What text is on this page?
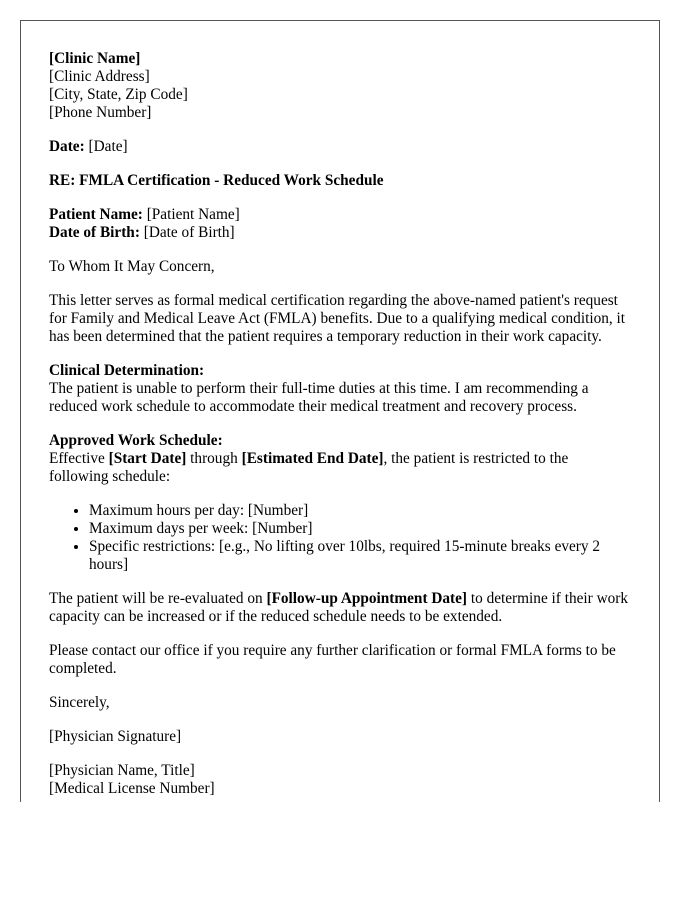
[Clinic Name]
[Clinic Address]
[City, State, Zip Code]
[Phone Number]

Date: [Date]

RE: FMLA Certification - Reduced Work Schedule

Patient Name: [Patient Name]
Date of Birth: [Date of Birth]

To Whom It May Concern,

This letter serves as formal medical certification regarding the above-named patient's request for Family and Medical Leave Act (FMLA) benefits. Due to a qualifying medical condition, it has been determined that the patient requires a temporary reduction in their work capacity.

Clinical Determination:
The patient is unable to perform their full-time duties at this time. I am recommending a reduced work schedule to accommodate their medical treatment and recovery process.

Approved Work Schedule:
Effective [Start Date] through [Estimated End Date], the patient is restricted to the following schedule:

• Maximum hours per day: [Number]
• Maximum days per week: [Number]
• Specific restrictions: [e.g., No lifting over 10lbs, required 15-minute breaks every 2 hours]

The patient will be re-evaluated on [Follow-up Appointment Date] to determine if their work capacity can be increased or if the reduced schedule needs to be extended.

Please contact our office if you require any further clarification or formal FMLA forms to be completed.

Sincerely,

[Physician Signature]

[Physician Name, Title]
[Medical License Number]
